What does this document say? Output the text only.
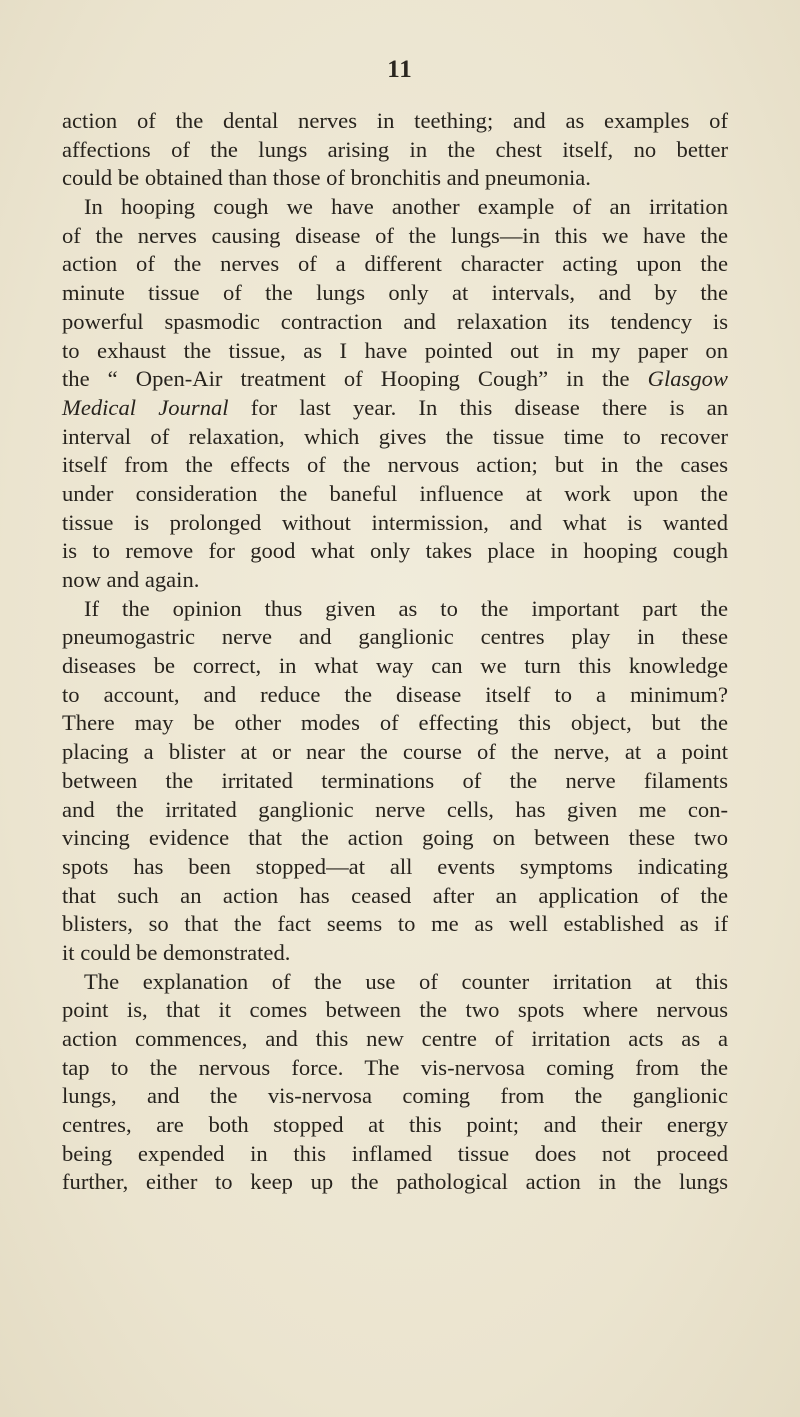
11
action of the dental nerves in teething; and as examples of
affections of the lungs arising in the chest itself, no better
could be obtained than those of bronchitis and pneumonia.
In hooping cough we have another example of an irritation
of the nerves causing disease of the lungs—in this we have the
action of the nerves of a different character acting upon the
minute tissue of the lungs only at intervals, and by the
powerful spasmodic contraction and relaxation its tendency is
to exhaust the tissue, as I have pointed out in my paper on
the “ Open-Air treatment of Hooping Cough” in the Glasgow
Medical Journal for last year. In this disease there is an
interval of relaxation, which gives the tissue time to recover
itself from the effects of the nervous action; but in the cases
under consideration the baneful influence at work upon the
tissue is prolonged without intermission, and what is wanted
is to remove for good what only takes place in hooping cough
now and again.
If the opinion thus given as to the important part the
pneumogastric nerve and ganglionic centres play in these
diseases be correct, in what way can we turn this knowledge
to account, and reduce the disease itself to a minimum?
There may be other modes of effecting this object, but the
placing a blister at or near the course of the nerve, at a point
between the irritated terminations of the nerve filaments
and the irritated ganglionic nerve cells, has given me con-
vincing evidence that the action going on between these two
spots has been stopped—at all events symptoms indicating
that such an action has ceased after an application of the
blisters, so that the fact seems to me as well established as if
it could be demonstrated.
The explanation of the use of counter irritation at this
point is, that it comes between the two spots where nervous
action commences, and this new centre of irritation acts as a
tap to the nervous force. The vis-nervosa coming from the
lungs, and the vis-nervosa coming from the ganglionic
centres, are both stopped at this point; and their energy
being expended in this inflamed tissue does not proceed
further, either to keep up the pathological action in the lungs
